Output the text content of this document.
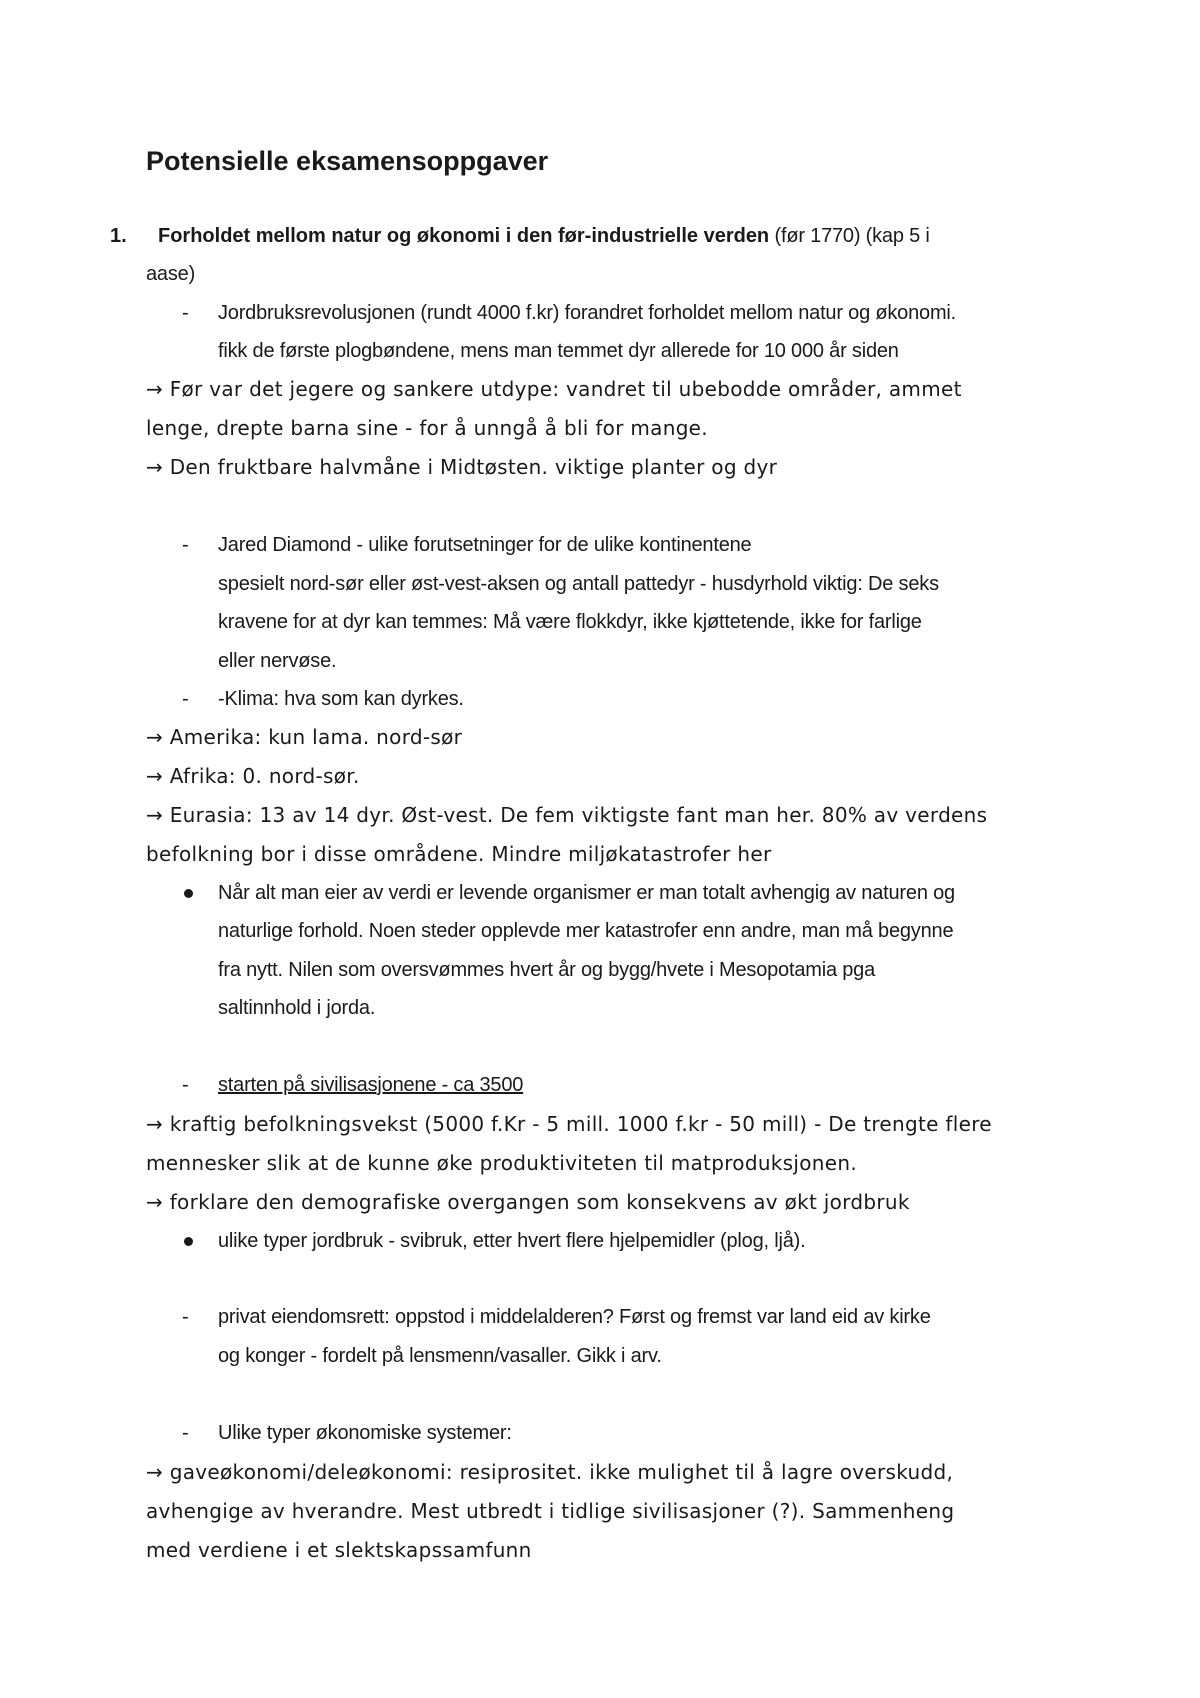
Potensielle eksamensoppgaver
1. Forholdet mellom natur og økonomi i den før-industrielle verden (før 1770) (kap 5 i
aase)
- Jordbruksrevolusjonen (rundt 4000 f.kr) forandret forholdet mellom natur og økonomi.
fikk de første plogbøndene, mens man temmet dyr allerede for 10 000 år siden
→ Før var det jegere og sankere utdype: vandret til ubebodde områder, ammet
lenge, drepte barna sine - for å unngå å bli for mange.
→ Den fruktbare halvmåne i Midtøsten. viktige planter og dyr
- Jared Diamond - ulike forutsetninger for de ulike kontinentene
spesielt nord-sør eller øst-vest-aksen og antall pattedyr - husdyrhold viktig: De seks
kravene for at dyr kan temmes: Må være flokkdyr, ikke kjøttetende, ikke for farlige
eller nervøse.
- -Klima: hva som kan dyrkes.
→ Amerika: kun lama. nord-sør
→ Afrika: 0. nord-sør.
→ Eurasia: 13 av 14 dyr. Øst-vest. De fem viktigste fant man her. 80% av verdens
befolkning bor i disse områdene. Mindre miljøkatastrofer her
Når alt man eier av verdi er levende organismer er man totalt avhengig av naturen og
naturlige forhold. Noen steder opplevde mer katastrofer enn andre, man må begynne
fra nytt. Nilen som oversvømmes hvert år og bygg/hvete i Mesopotamia pga
saltinnhold i jorda.
- starten på sivilisasjonene - ca 3500
→ kraftig befolkningsvekst (5000 f.Kr - 5 mill. 1000 f.kr - 50 mill) - De trengte flere
mennesker slik at de kunne øke produktiviteten til matproduksjonen.
→ forklare den demografiske overgangen som konsekvens av økt jordbruk
ulike typer jordbruk - svibruk, etter hvert flere hjelpemidler (plog, ljå).
- privat eiendomsrett: oppstod i middelalderen? Først og fremst var land eid av kirke
og konger - fordelt på lensmenn/vasaller. Gikk i arv.
- Ulike typer økonomiske systemer:
→ gaveøkonomi/deleøkonomi: resiprositet. ikke mulighet til å lagre overskudd,
avhengige av hverandre. Mest utbredt i tidlige sivilisasjoner (?). Sammenheng
med verdiene i et slektskapssamfunn
